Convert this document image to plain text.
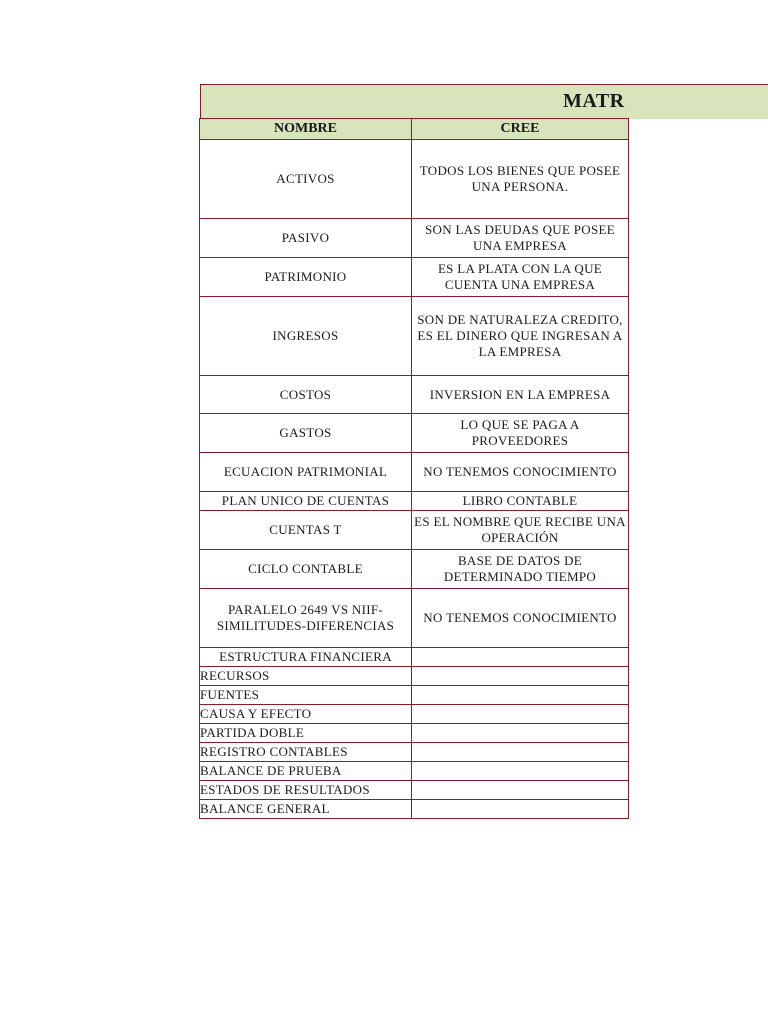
MATR
NOMBRE	CREE
ACTIVOS	TODOS LOS BIENES QUE POSEE UNA PERSONA.
PASIVO	SON LAS DEUDAS QUE POSEE UNA EMPRESA
PATRIMONIO	ES LA PLATA CON LA QUE CUENTA UNA EMPRESA
INGRESOS	SON DE NATURALEZA CREDITO, ES EL DINERO QUE INGRESAN A LA EMPRESA
COSTOS	INVERSION EN LA EMPRESA
GASTOS	LO QUE SE PAGA A PROVEEDORES
ECUACION PATRIMONIAL	NO TENEMOS CONOCIMIENTO
PLAN UNICO DE CUENTAS	LIBRO CONTABLE
CUENTAS T	ES EL NOMBRE QUE RECIBE UNA OPERACIÓN
CICLO CONTABLE	BASE DE DATOS DE DETERMINADO TIEMPO
PARALELO 2649 VS NIIF-SIMILITUDES-DIFERENCIAS	NO TENEMOS CONOCIMIENTO
ESTRUCTURA FINANCIERA	
RECURSOS	
FUENTES	
CAUSA Y EFECTO	
PARTIDA DOBLE	
REGISTRO CONTABLES	
BALANCE DE PRUEBA	
ESTADOS DE RESULTADOS	
BALANCE GENERAL	
